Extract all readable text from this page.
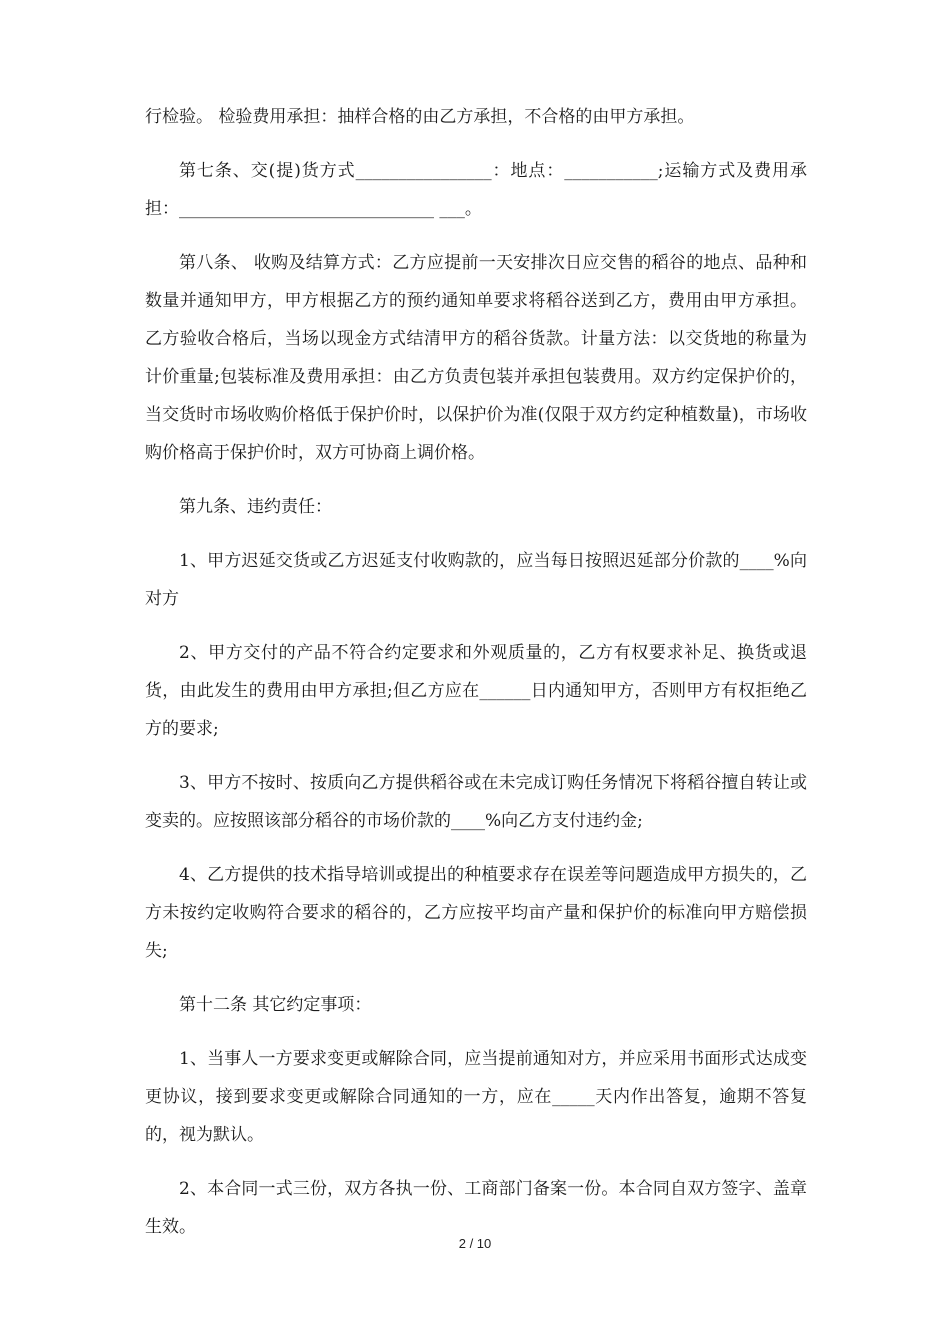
行检验。 检验费用承担：抽样合格的由乙方承担，不合格的由甲方承担。

第七条、交(提)货方式________________：地点：___________;运输方式及费用承担：______________________________ ___。

第八条、 收购及结算方式：乙方应提前一天安排次日应交售的稻谷的地点、品种和数量并通知甲方，甲方根据乙方的预约通知单要求将稻谷送到乙方，费用由甲方承担。乙方验收合格后，当场以现金方式结清甲方的稻谷货款。计量方法：以交货地的称量为计价重量;包装标准及费用承担：由乙方负责包装并承担包装费用。双方约定保护价的，当交货时市场收购价格低于保护价时，以保护价为准(仅限于双方约定种植数量)，市场收购价格高于保护价时，双方可协商上调价格。

第九条、违约责任：

1、甲方迟延交货或乙方迟延支付收购款的，应当每日按照迟延部分价款的____%向对方

2、甲方交付的产品不符合约定要求和外观质量的，乙方有权要求补足、换货或退货，由此发生的费用由甲方承担;但乙方应在______日内通知甲方，否则甲方有权拒绝乙方的要求;

3、甲方不按时、按质向乙方提供稻谷或在未完成订购任务情况下将稻谷擅自转让或变卖的。应按照该部分稻谷的市场价款的____%向乙方支付违约金;

4、乙方提供的技术指导培训或提出的种植要求存在误差等问题造成甲方损失的，乙方未按约定收购符合要求的稻谷的，乙方应按平均亩产量和保护价的标准向甲方赔偿损失;

第十二条 其它约定事项：

1、当事人一方要求变更或解除合同，应当提前通知对方，并应采用书面形式达成变更协议，接到要求变更或解除合同通知的一方，应在_____天内作出答复，逾期不答复的，视为默认。

2、本合同一式三份，双方各执一份、工商部门备案一份。本合同自双方签字、盖章生效。

2 / 10
